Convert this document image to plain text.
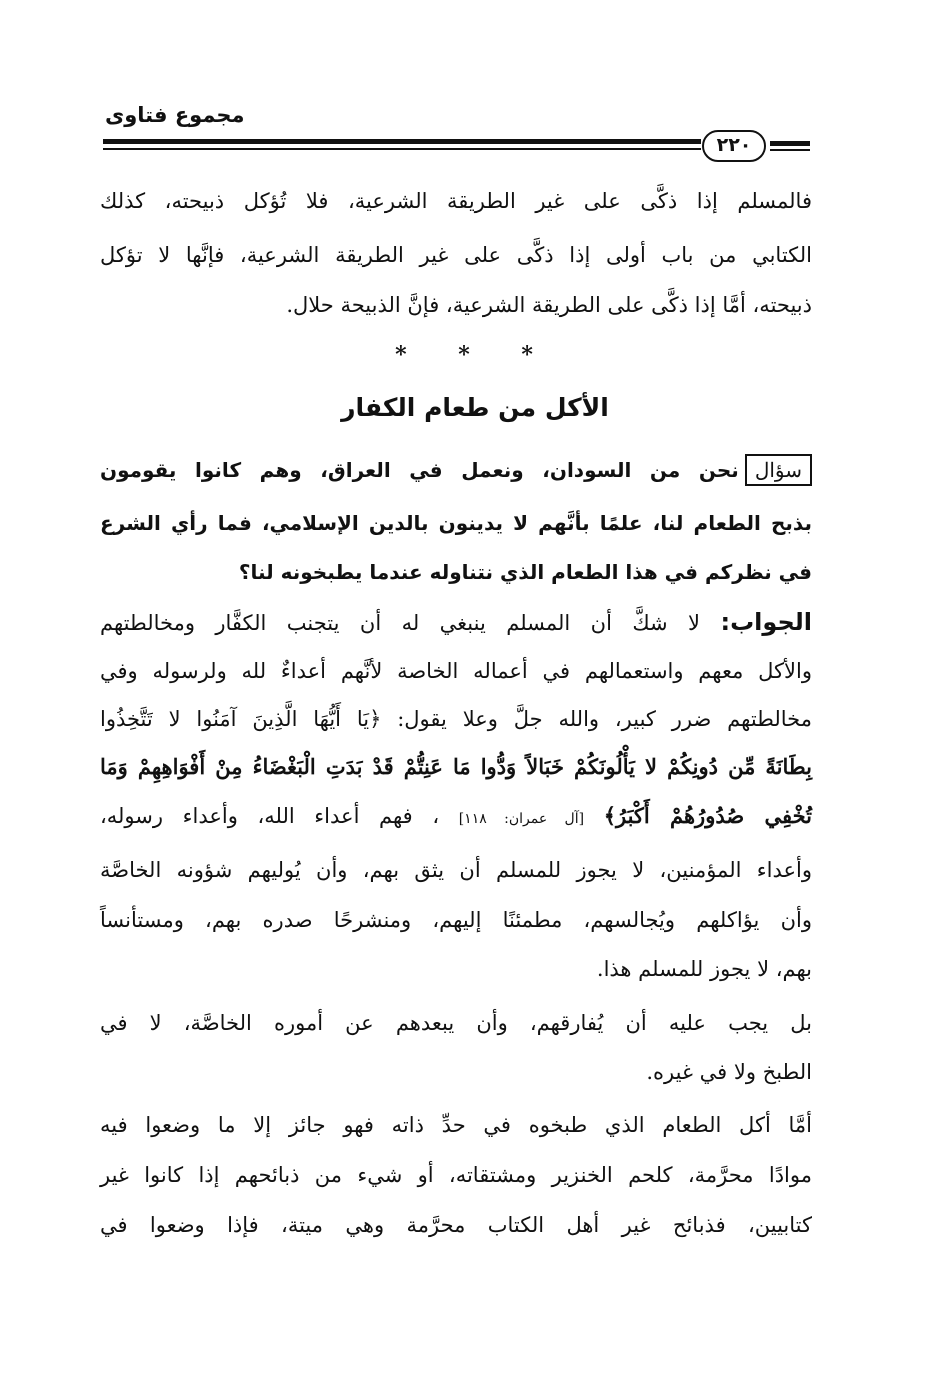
مجموع فتاوى
٢٢٠
فالمسلم إذا ذكَّى على غير الطريقة الشرعية، فلا تُؤكل ذبيحته، كذلك
الكتابي من باب أولى إذا ذكَّى على غير الطريقة الشرعية، فإنَّها لا تؤكل
ذبيحته، أمَّا إذا ذكَّى على الطريقة الشرعية، فإنَّ الذبيحة حلال.
* * *
الأكل من طعام الكفار
سؤالنحن من السودان، ونعمل في العراق، وهم كانوا يقومون
بذبح الطعام لنا، علمًا بأنَّهم لا يدينون بالدين الإسلامي، فما رأي الشرع
في نظركم في هذا الطعام الذي نتناوله عندما يطبخونه لنا؟
الجواب: لا شكَّ أن المسلم ينبغي له أن يتجنب الكفَّار ومخالطتهم
والأكل معهم واستعمالهم في أعماله الخاصة لأنَّهم أعداءٌ لله ولرسوله وفي
مخالطتهم ضرر كبير، والله جلَّ وعلا يقول: ﴿يَا أَيُّهَا الَّذِينَ آمَنُوا لا تَتَّخِذُوا
بِطَانَةً مِّن دُونِكُمْ لا يَأْلُونَكُمْ خَبَالاً وَدُّوا مَا عَنِتُّمْ قَدْ بَدَتِ الْبَغْضَاءُ مِنْ أَفْوَاهِهِمْ وَمَا
تُخْفِي صُدُورُهُمْ أَكْبَرُ﴾ [آل عمران: ١١٨] ، فهم أعداء الله، وأعداء رسوله،
وأعداء المؤمنين، لا يجوز للمسلم أن يثق بهم، وأن يُوليهم شؤونه الخاصَّة
وأن يؤاكلهم ويُجالسهم، مطمئنًا إليهم، ومنشرحًا صدره بهم، ومستأنساً
بهم، لا يجوز للمسلم هذا.
بل يجب عليه أن يُفارقهم، وأن يبعدهم عن أموره الخاصَّة، لا في
الطبخ ولا في غيره.
أمَّا أكل الطعام الذي طبخوه في حدِّ ذاته فهو جائز إلا ما وضعوا فيه
موادًا محرَّمة، كلحم الخنزير ومشتقاته، أو شيء من ذبائحهم إذا كانوا غير
كتابيين، فذبائح غير أهل الكتاب محرَّمة وهي ميتة، فإذا وضعوا في
